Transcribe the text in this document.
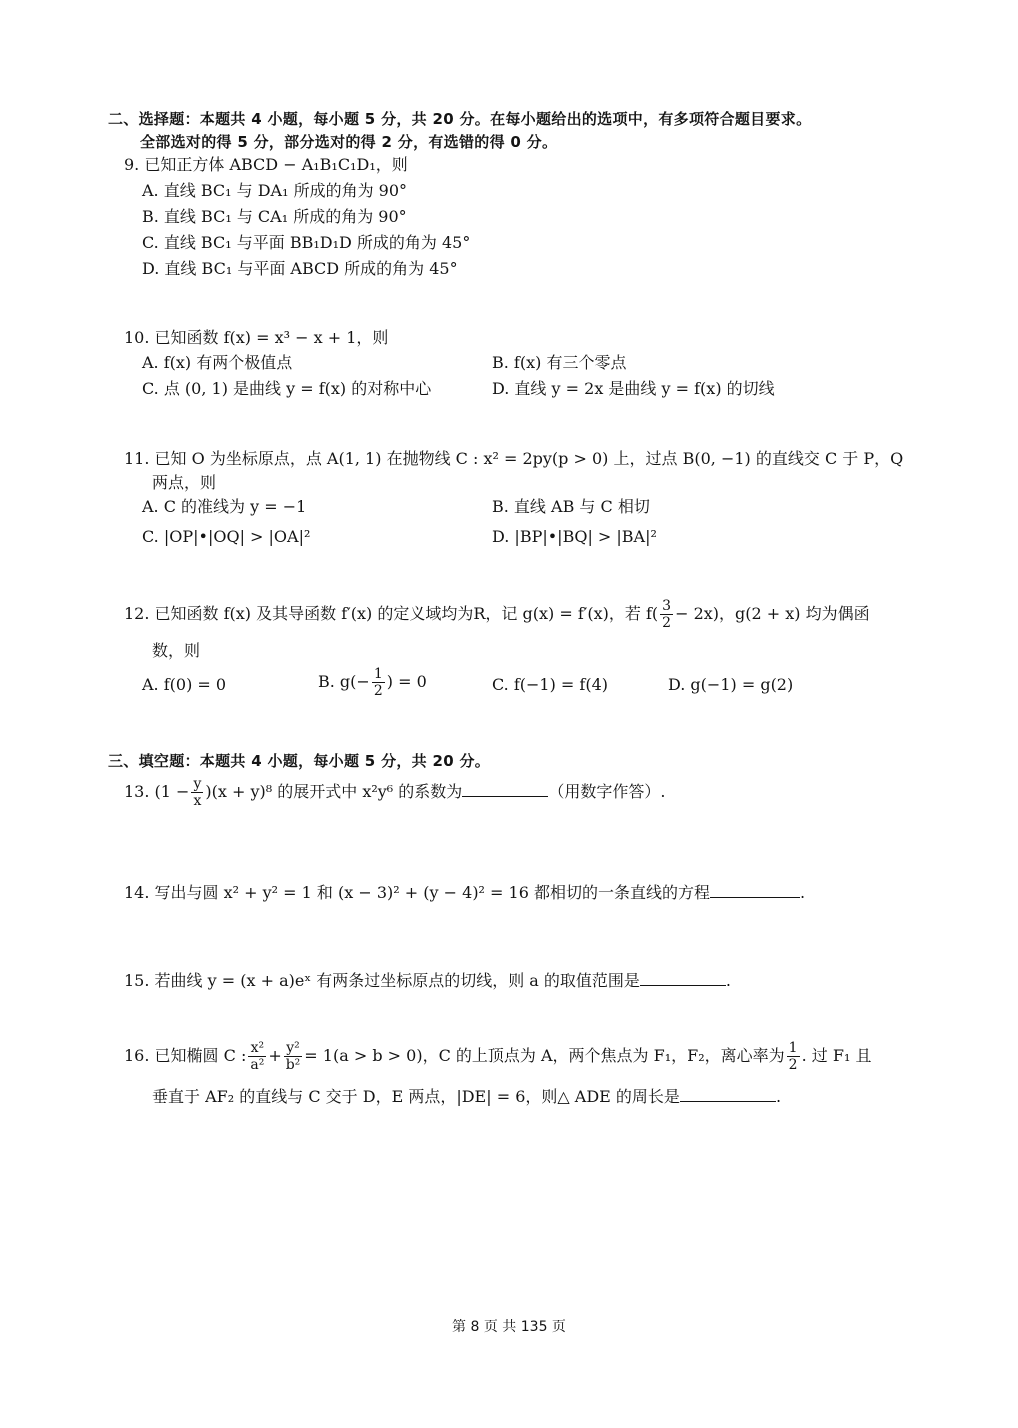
二、选择题：本题共 4 小题，每小题 5 分，共 20 分。在每小题给出的选项中，有多项符合题目要求。
全部选对的得 5 分，部分选对的得 2 分，有选错的得 0 分。
9. 已知正方体 ABCD − A₁B₁C₁D₁，则
A. 直线 BC₁ 与 DA₁ 所成的角为 90°
B. 直线 BC₁ 与 CA₁ 所成的角为 90°
C. 直线 BC₁ 与平面 BB₁D₁D 所成的角为 45°
D. 直线 BC₁ 与平面 ABCD 所成的角为 45°
10. 已知函数 f(x) = x³ − x + 1，则
A. f(x) 有两个极值点	B. f(x) 有三个零点
C. 点 (0, 1) 是曲线 y = f(x) 的对称中心	D. 直线 y = 2x 是曲线 y = f(x) 的切线
11. 已知 O 为坐标原点，点 A(1, 1) 在抛物线 C : x² = 2py(p > 0) 上，过点 B(0, −1) 的直线交 C 于 P，Q
两点，则
A. C 的准线为 y = −1	B. 直线 AB 与 C 相切
C. |OP|•|OQ| > |OA|²	D. |BP|•|BQ| > |BA|²
12. 已知函数 f(x) 及其导函数 f′(x) 的定义域均为R，记 g(x) = f′(x)，若 $f( \frac{3}{2} - 2x)$，g(2 + x) 均为偶函
数，则
A. f(0) = 0	B. $g(- \frac{1}{2}$ ) = 0	C. f(−1) = f(4)	D. g(−1) = g(2)
三、填空题：本题共 4 小题，每小题 5 分，共 20 分。
13. $(1 - \frac{y}{x} )(x + y)^8$ 的展开式中 x²y⁶ 的系数为	（用数字作答）.
14. 写出与圆 x² + y² = 1 和 (x − 3)² + (y − 4)² = 16 都相切的一条直线的方程	.
15. 若曲线 y = (x + a)eˣ 有两条过坐标原点的切线，则 a 的取值范围是	.
16. 已知椭圆 C : $\frac{\text{x²}}{\text{a²}} + \frac{\text{y²}}{\text{b²}} = 1(a > b > 0)$，C 的上顶点为 A，两个焦点为 F₁，F₂，离心率为 $\frac{1}{2}$ . 过 F₁ 且
垂直于 AF₂ 的直线与 C 交于 D，E 两点，|DE| = 6，则△ ADE 的周长是	.
第 8 页 共 135 页
